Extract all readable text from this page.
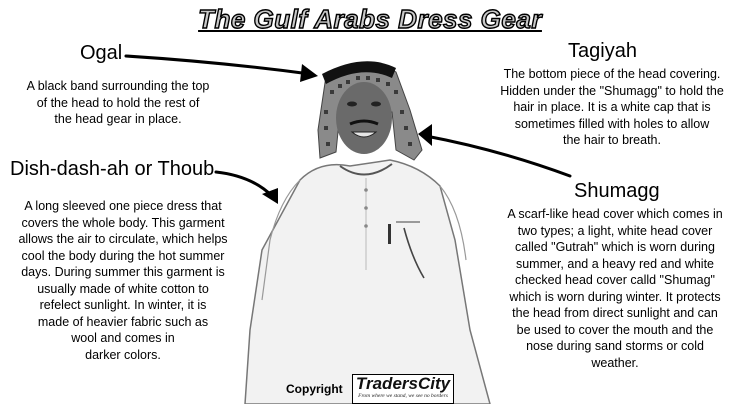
The Gulf Arabs Dress Gear
Ogal
A black band surrounding the top
of the head to hold the rest of
the head gear in place.
Dish-dash-ah or Thoub
A long sleeved one piece dress that
covers the whole body. This garment
allows the air to circulate, which helps
cool the body during the hot summer
days. During summer this garment is
usually made of white cotton to
refelect sunlight. In winter, it is
made of heavier fabric such as
wool and comes in
darker colors.
Tagiyah
The bottom piece of the head covering.
Hidden under the "Shumagg" to hold the
hair in place. It is a white cap that is
sometimes filled with holes to allow
the hair to breath.
Shumagg
A scarf-like head cover which comes in
two types; a light, white head cover
called "Gutrah" which is worn during
summer, and a heavy red and white
checked head cover calld "Shumag"
which is worn during winter. It protects
the head from direct sunlight and can
be used to cover the mouth and the
nose during sand storms or cold
weather.
Copyright TradersCity
From where we stand, we see no borders
